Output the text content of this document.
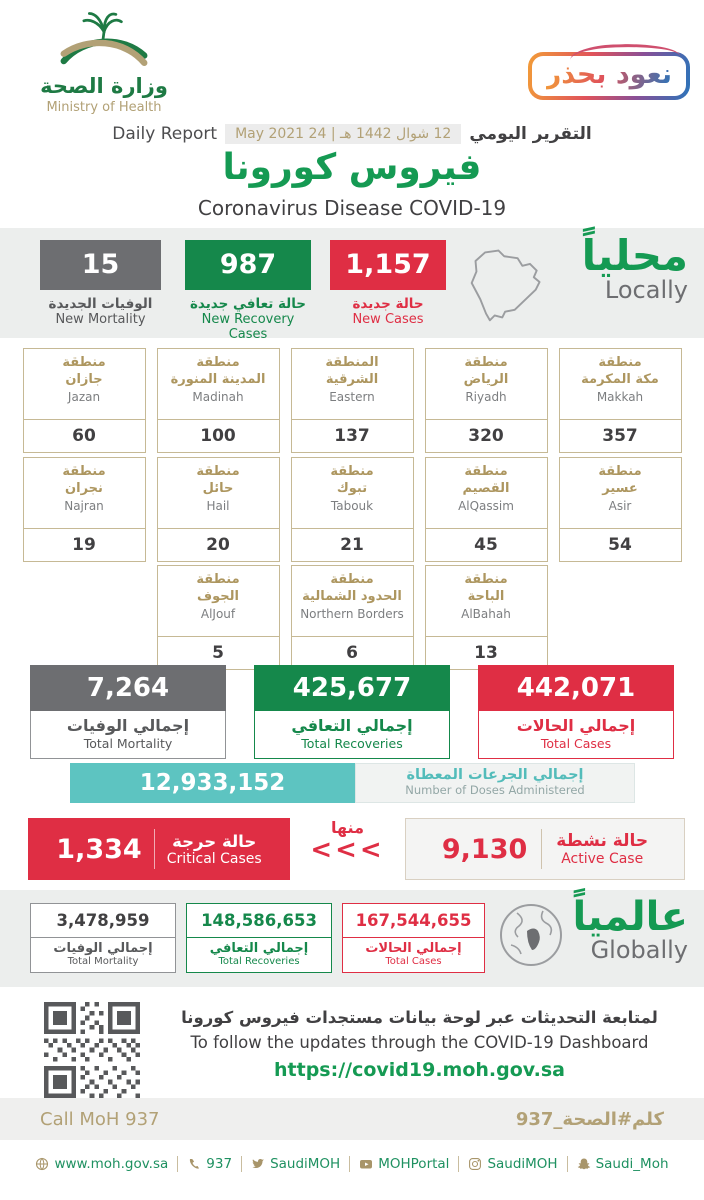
وزارة الصحة
Ministry of Health
نعود بحذر
Daily Report	12 شوال 1442 هـ | 24 May 2021	التقرير اليومي
فيروس كورونا
Coronavirus Disease COVID-19
15
الوفيات الجديدة
New Mortality
987
حالة تعافي جديدة
New Recovery Cases
1,157
حالة جديدة
New Cases
محلياً
Locally
منطقة
جازان
Jazan
60
منطقة
المدينة المنورة
Madinah
100
المنطقة
الشرقية
Eastern
137
منطقة
الرياض
Riyadh
320
منطقة
مكة المكرمة
Makkah
357
منطقة
نجران
Najran
19
منطقة
حائل
Hail
20
منطقة
تبوك
Tabouk
21
منطقة
القصيم
AlQassim
45
منطقة
عسير
Asir
54
منطقة
الجوف
AlJouf
5
منطقة
الحدود الشمالية
Northern Borders
6
منطقة
الباحة
AlBahah
13
7,264
إجمالي الوفيات
Total Mortality
425,677
إجمالي التعافي
Total Recoveries
442,071
إجمالي الحالات
Total Cases
12,933,152	إجمالي الجرعات المعطاة
Number of Doses Administered
1,334	حالة حرجة
Critical Cases
منها
<<<	9,130 حالة نشطة
Active Case
3,478,959
إجمالي الوفيات
Total Mortality
148,586,653
إجمالي التعافي
Total Recoveries
167,544,655
إجمالي الحالات
Total Cases
عالمياً
Globally
لمتابعة التحديثات عبر لوحة بيانات مستجدات فيروس كورونا
To follow the updates through the COVID-19 Dashboard
https://covid19.moh.gov.sa
Call MoH 937	كلم#الصحة_937
www.moh.gov.sa	937	SaudiMOH	MOHPortal	SaudiMOH	Saudi_Moh
